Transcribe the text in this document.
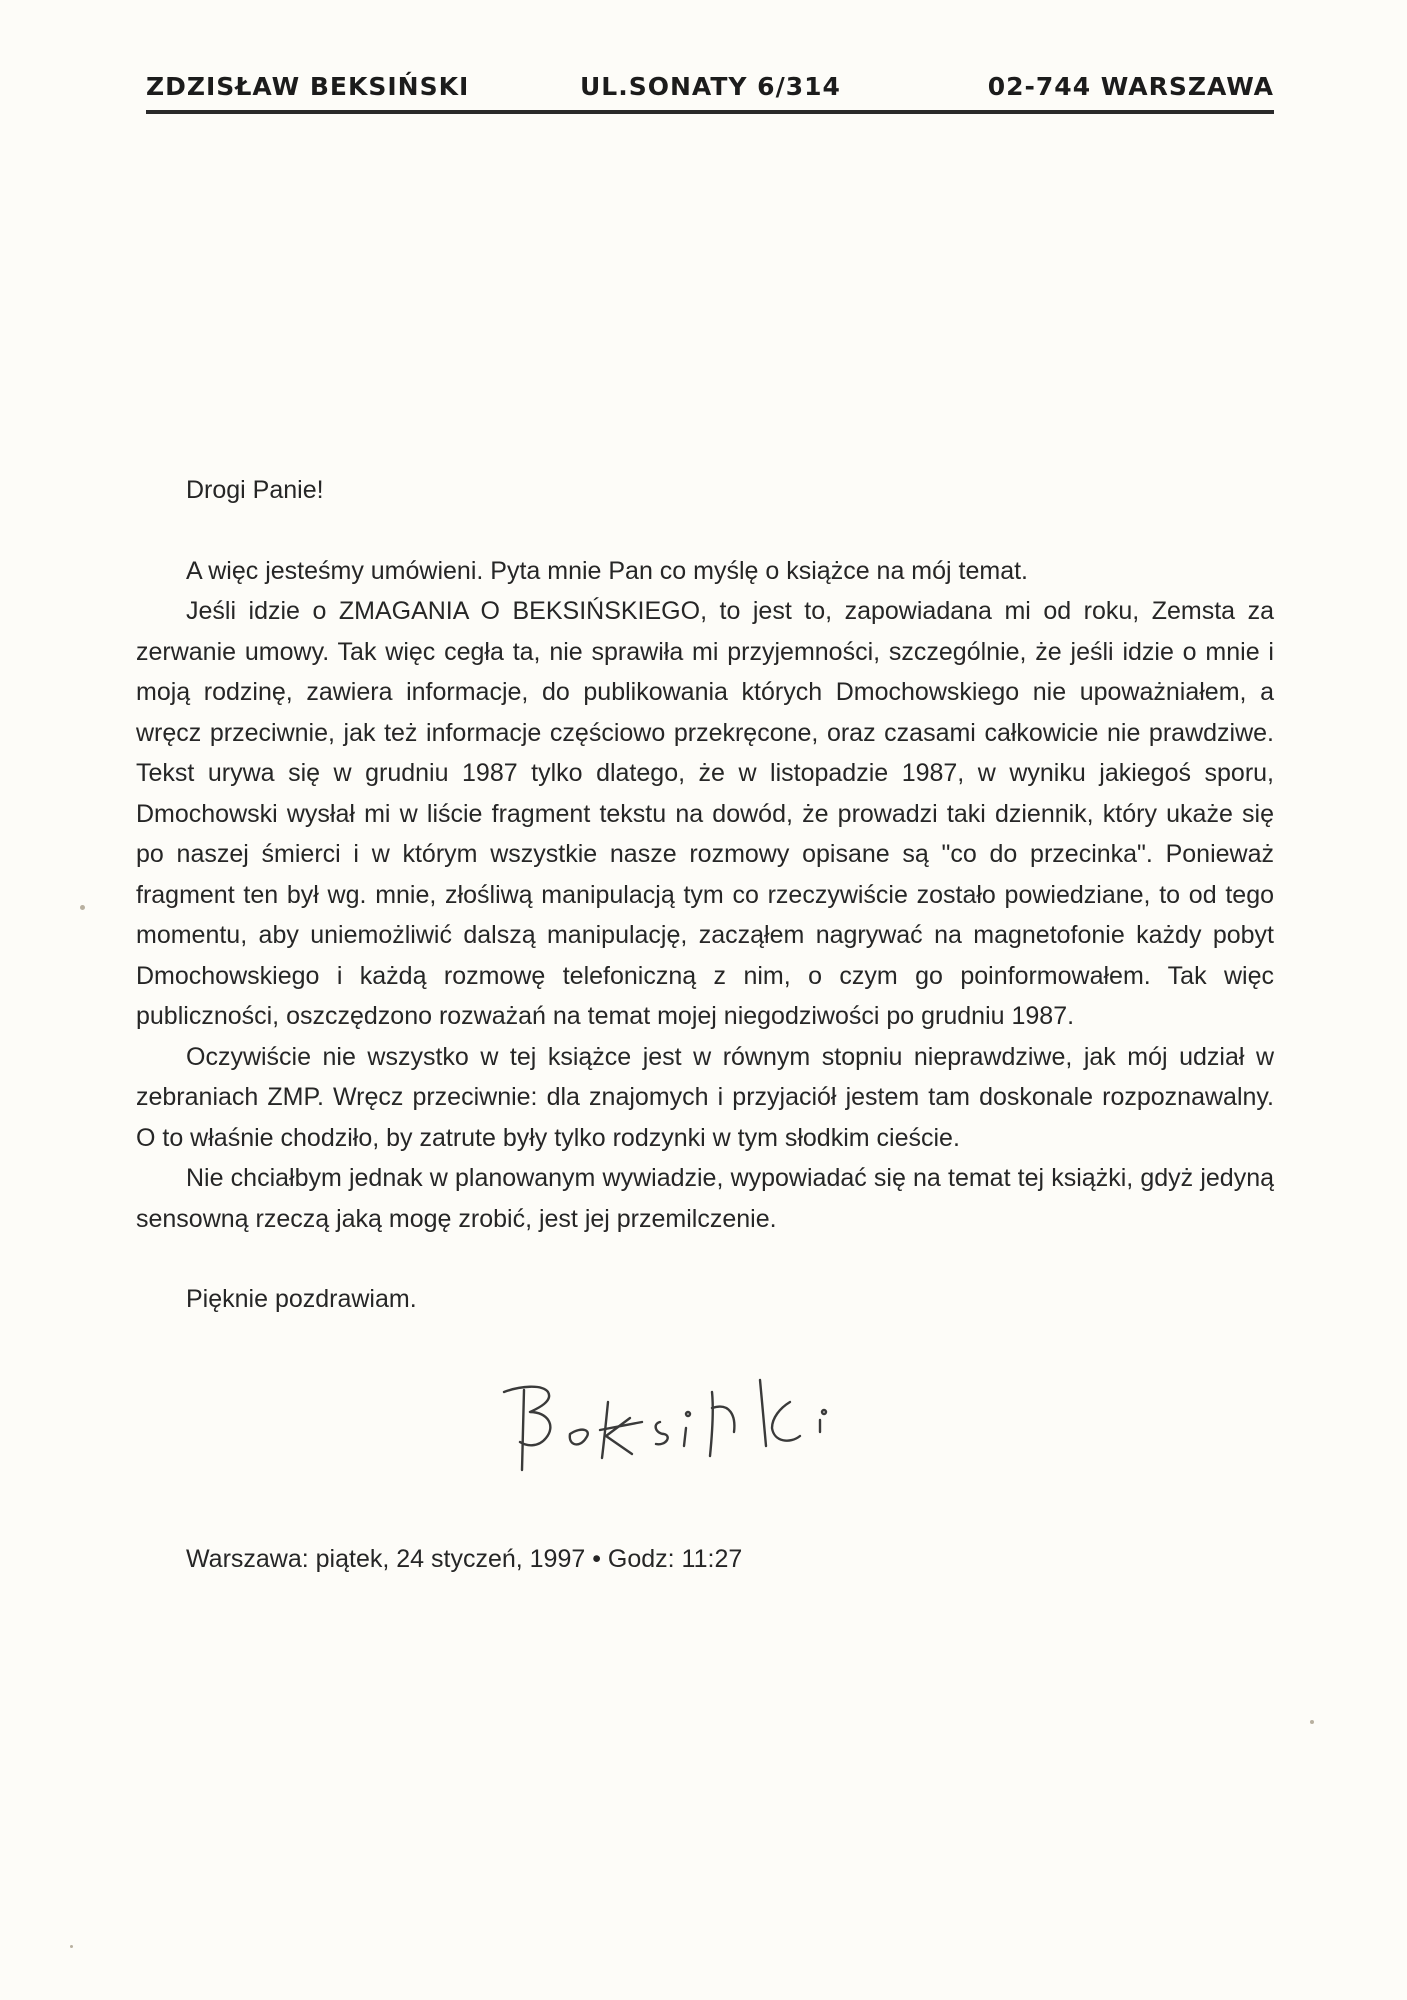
ZDZISŁAW BEKSIŃSKI	UL.SONATY 6/314	02-744 WARSZAWA
Drogi Panie!

A więc jesteśmy umówieni. Pyta mnie Pan co myślę o książce na mój temat.

Jeśli idzie o ZMAGANIA O BEKSIŃSKIEGO, to jest to, zapowiadana mi od roku, Zemsta za zerwanie umowy. Tak więc cegła ta, nie sprawiła mi przyjemności, szczególnie, że jeśli idzie o mnie i moją rodzinę, zawiera informacje, do publikowania których Dmochowskiego nie upoważniałem, a wręcz przeciwnie, jak też informacje częściowo przekręcone, oraz czasami całkowicie nie prawdziwe. Tekst urywa się w grudniu 1987 tylko dlatego, że w listopadzie 1987, w wyniku jakiegoś sporu, Dmochowski wysłał mi w liście fragment tekstu na dowód, że prowadzi taki dziennik, który ukaże się po naszej śmierci i w którym wszystkie nasze rozmowy opisane są "co do przecinka". Ponieważ fragment ten był wg. mnie, złośliwą manipulacją tym co rzeczywiście zostało powiedziane, to od tego momentu, aby uniemożliwić dalszą manipulację, zacząłem nagrywać na magnetofonie każdy pobyt Dmochowskiego i każdą rozmowę telefoniczną z nim, o czym go poinformowałem. Tak więc publiczności, oszczędzono rozważań na temat mojej niegodziwości po grudniu 1987.

Oczywiście nie wszystko w tej książce jest w równym stopniu nieprawdziwe, jak mój udział w zebraniach ZMP. Wręcz przeciwnie: dla znajomych i przyjaciół jestem tam doskonale rozpoznawalny. O to właśnie chodziło, by zatrute były tylko rodzynki w tym słodkim cieście.

Nie chciałbym jednak w planowanym wywiadzie, wypowiadać się na temat tej książki, gdyż jedyną sensowną rzeczą jaką mogę zrobić, jest jej przemilczenie.

Pięknie pozdrawiam.
Warszawa: piątek, 24 styczeń, 1997 • Godz: 11:27
